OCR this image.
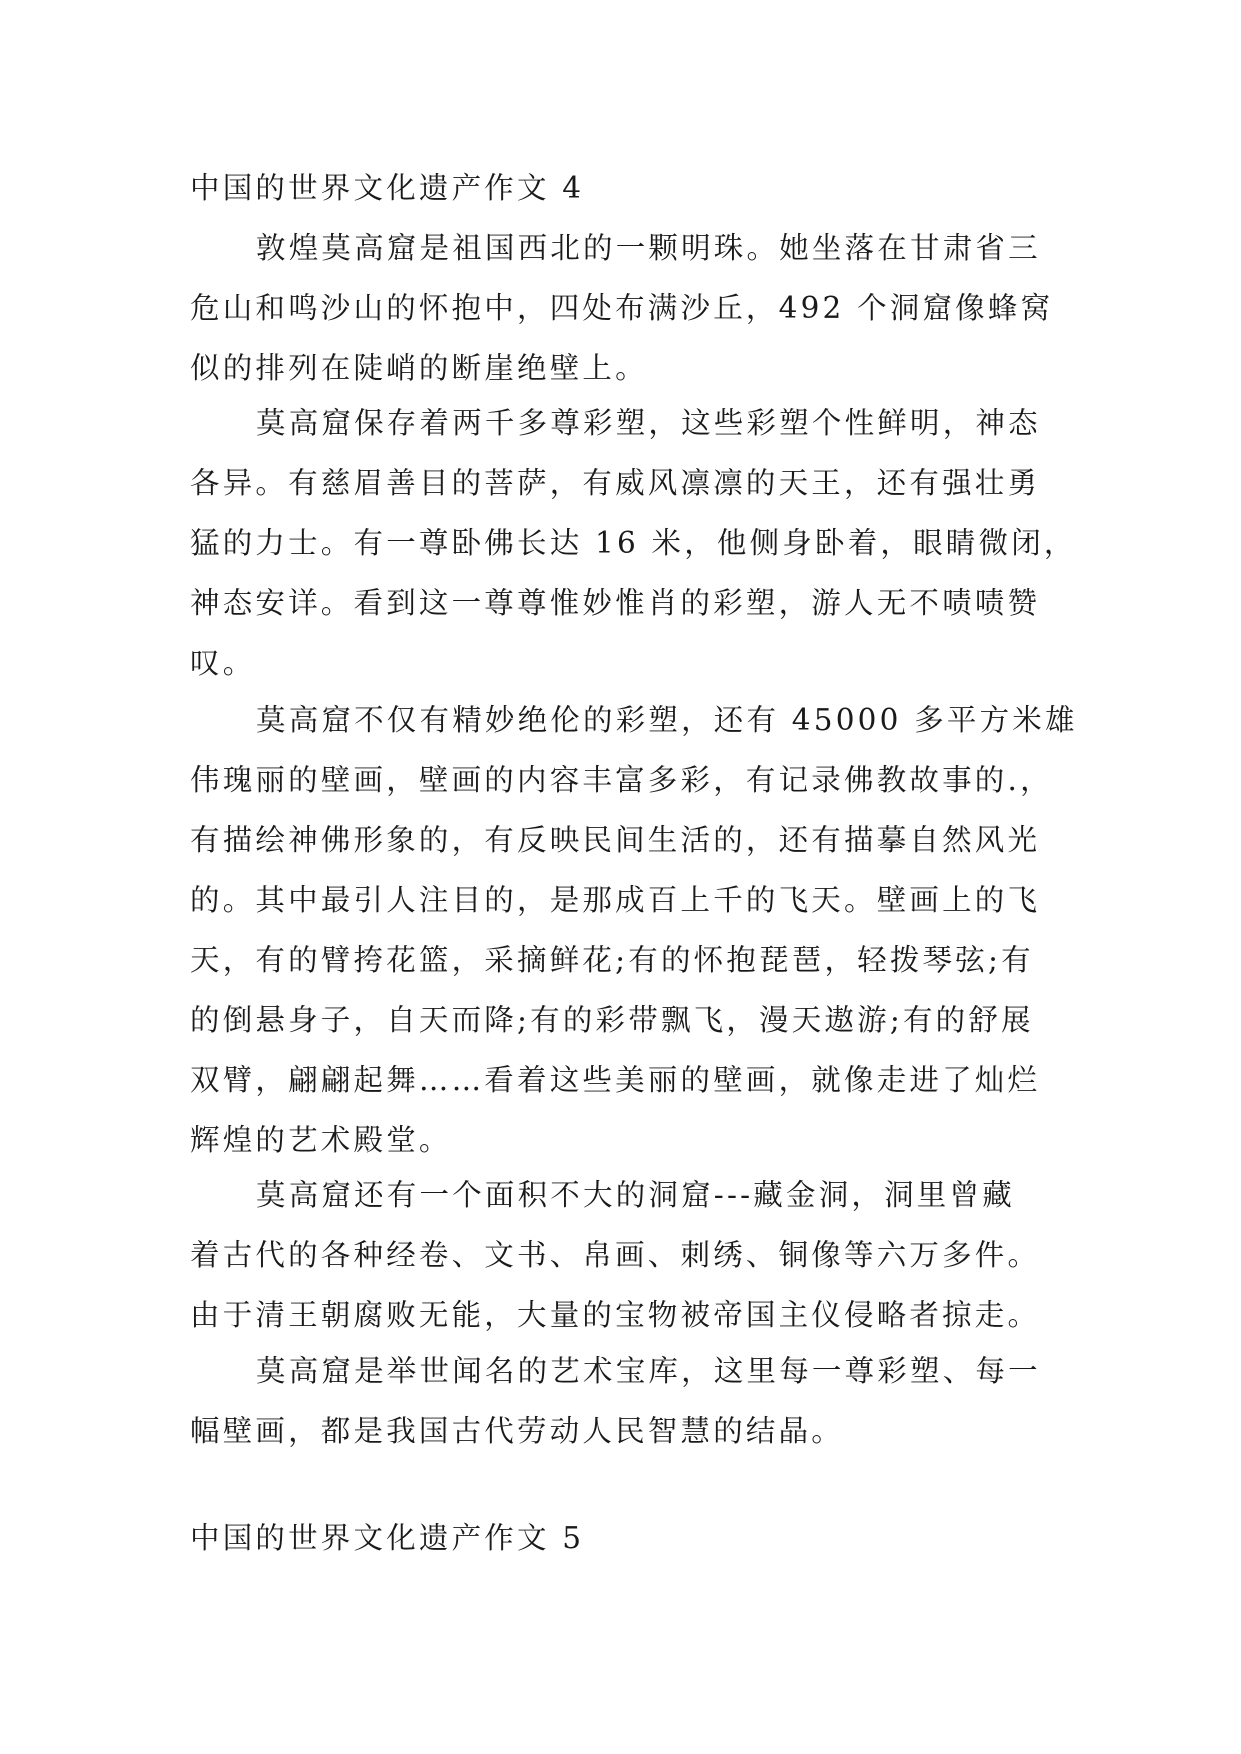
中国的世界文化遗产作文 4
敦煌莫高窟是祖国西北的一颗明珠。她坐落在甘肃省三
危山和鸣沙山的怀抱中，四处布满沙丘，492 个洞窟像蜂窝
似的排列在陡峭的断崖绝壁上。
莫高窟保存着两千多尊彩塑，这些彩塑个性鲜明，神态
各异。有慈眉善目的菩萨，有威风凛凛的天王，还有强壮勇
猛的力士。有一尊卧佛长达 16 米，他侧身卧着，眼睛微闭，
神态安详。看到这一尊尊惟妙惟肖的彩塑，游人无不啧啧赞
叹。
莫高窟不仅有精妙绝伦的彩塑，还有 45000 多平方米雄
伟瑰丽的壁画，壁画的内容丰富多彩，有记录佛教故事的.，
有描绘神佛形象的，有反映民间生活的，还有描摹自然风光
的。其中最引人注目的，是那成百上千的飞天。壁画上的飞
天，有的臂挎花篮，采摘鲜花;有的怀抱琵琶，轻拨琴弦;有
的倒悬身子，自天而降;有的彩带飘飞，漫天遨游;有的舒展
双臂，翩翩起舞……看着这些美丽的壁画，就像走进了灿烂
辉煌的艺术殿堂。
莫高窟还有一个面积不大的洞窟---藏金洞，洞里曾藏
着古代的各种经卷、文书、帛画、刺绣、铜像等六万多件。
由于清王朝腐败无能，大量的宝物被帝国主仪侵略者掠走。
莫高窟是举世闻名的艺术宝库，这里每一尊彩塑、每一
幅壁画，都是我国古代劳动人民智慧的结晶。
中国的世界文化遗产作文 5
